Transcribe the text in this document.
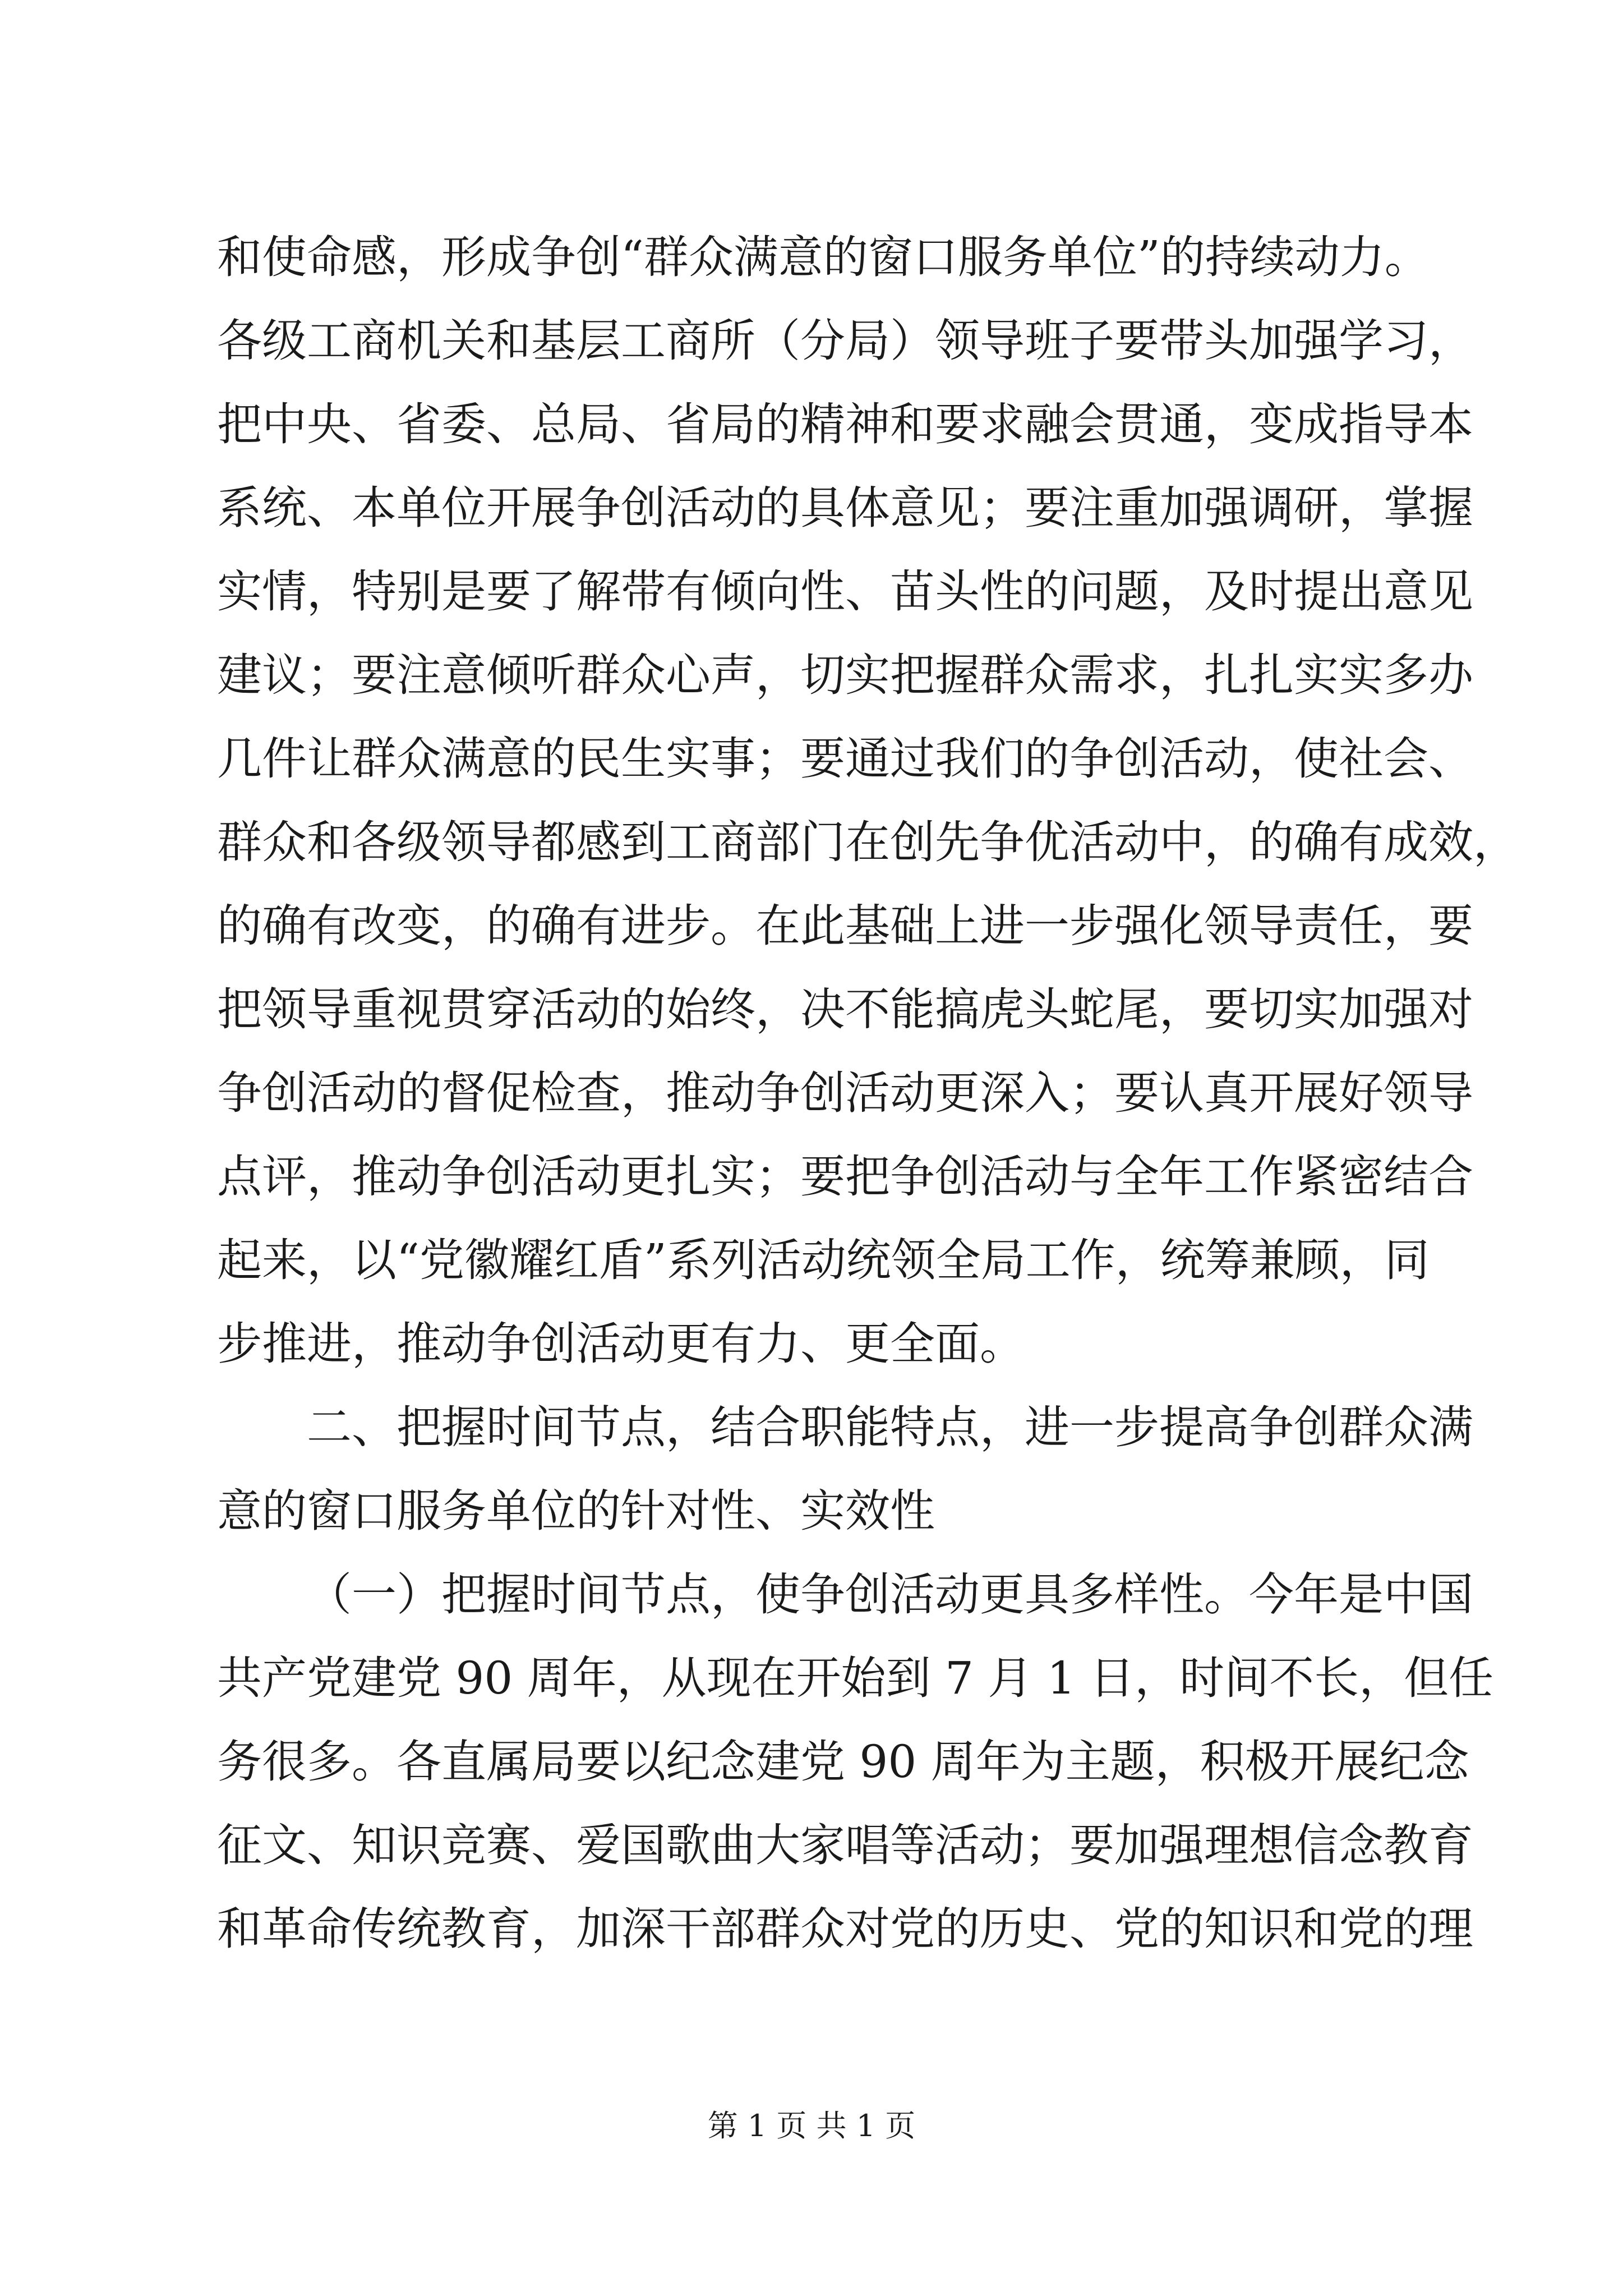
和使命感，形成争创“群众满意的窗口服务单位”的持续动力。
各级工商机关和基层工商所（分局）领导班子要带头加强学习，
把中央、省委、总局、省局的精神和要求融会贯通，变成指导本
系统、本单位开展争创活动的具体意见；要注重加强调研，掌握
实情，特别是要了解带有倾向性、苗头性的问题，及时提出意见
建议；要注意倾听群众心声，切实把握群众需求，扎扎实实多办
几件让群众满意的民生实事；要通过我们的争创活动，使社会、
群众和各级领导都感到工商部门在创先争优活动中，的确有成效，
的确有改变，的确有进步。在此基础上进一步强化领导责任，要
把领导重视贯穿活动的始终，决不能搞虎头蛇尾，要切实加强对
争创活动的督促检查，推动争创活动更深入；要认真开展好领导
点评，推动争创活动更扎实；要把争创活动与全年工作紧密结合
起来，以“党徽耀红盾”系列活动统领全局工作，统筹兼顾，同
步推进，推动争创活动更有力、更全面。
二、把握时间节点，结合职能特点，进一步提高争创群众满
意的窗口服务单位的针对性、实效性
（一）把握时间节点，使争创活动更具多样性。今年是中国
共产党建党 90 周年，从现在开始到 7 月 1 日，时间不长，但任
务很多。各直属局要以纪念建党 90 周年为主题，积极开展纪念
征文、知识竞赛、爱国歌曲大家唱等活动；要加强理想信念教育
和革命传统教育，加深干部群众对党的历史、党的知识和党的理
第 1 页 共 1 页
